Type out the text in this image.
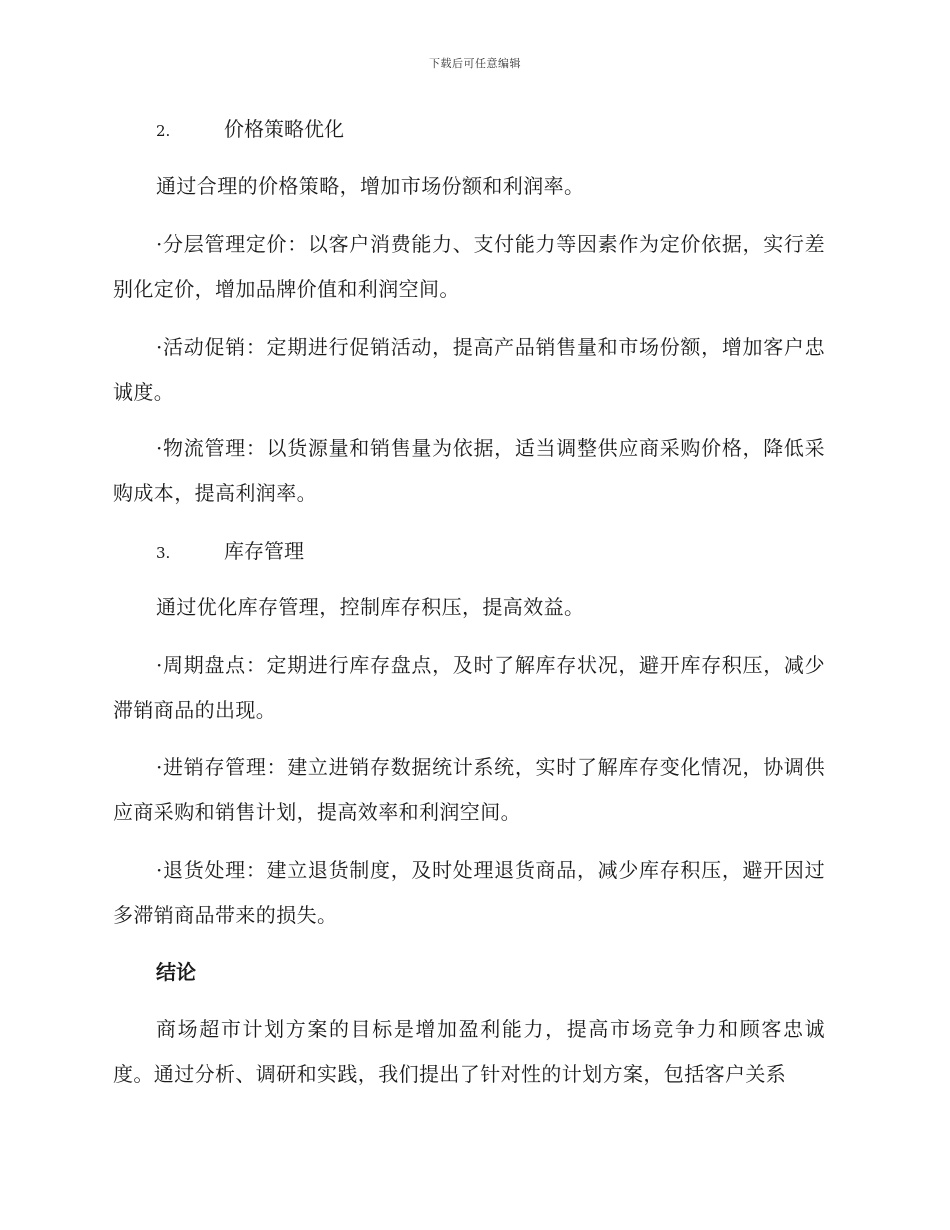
下载后可任意编辑
2.	价格策略优化

通过合理的价格策略，增加市场份额和利润率。

·分层管理定价：以客户消费能力、支付能力等因素作为定价依据，实行差别化定价，增加品牌价值和利润空间。

·活动促销：定期进行促销活动，提高产品销售量和市场份额，增加客户忠诚度。

·物流管理：以货源量和销售量为依据，适当调整供应商采购价格，降低采购成本，提高利润率。

3.	库存管理

通过优化库存管理，控制库存积压，提高效益。

·周期盘点：定期进行库存盘点，及时了解库存状况，避开库存积压，减少滞销商品的出现。

·进销存管理：建立进销存数据统计系统，实时了解库存变化情况，协调供应商采购和销售计划，提高效率和利润空间。

·退货处理：建立退货制度，及时处理退货商品，减少库存积压，避开因过多滞销商品带来的损失。

结论

商场超市计划方案的目标是增加盈利能力，提高市场竞争力和顾客忠诚度。通过分析、调研和实践，我们提出了针对性的计划方案，包括客户关系
